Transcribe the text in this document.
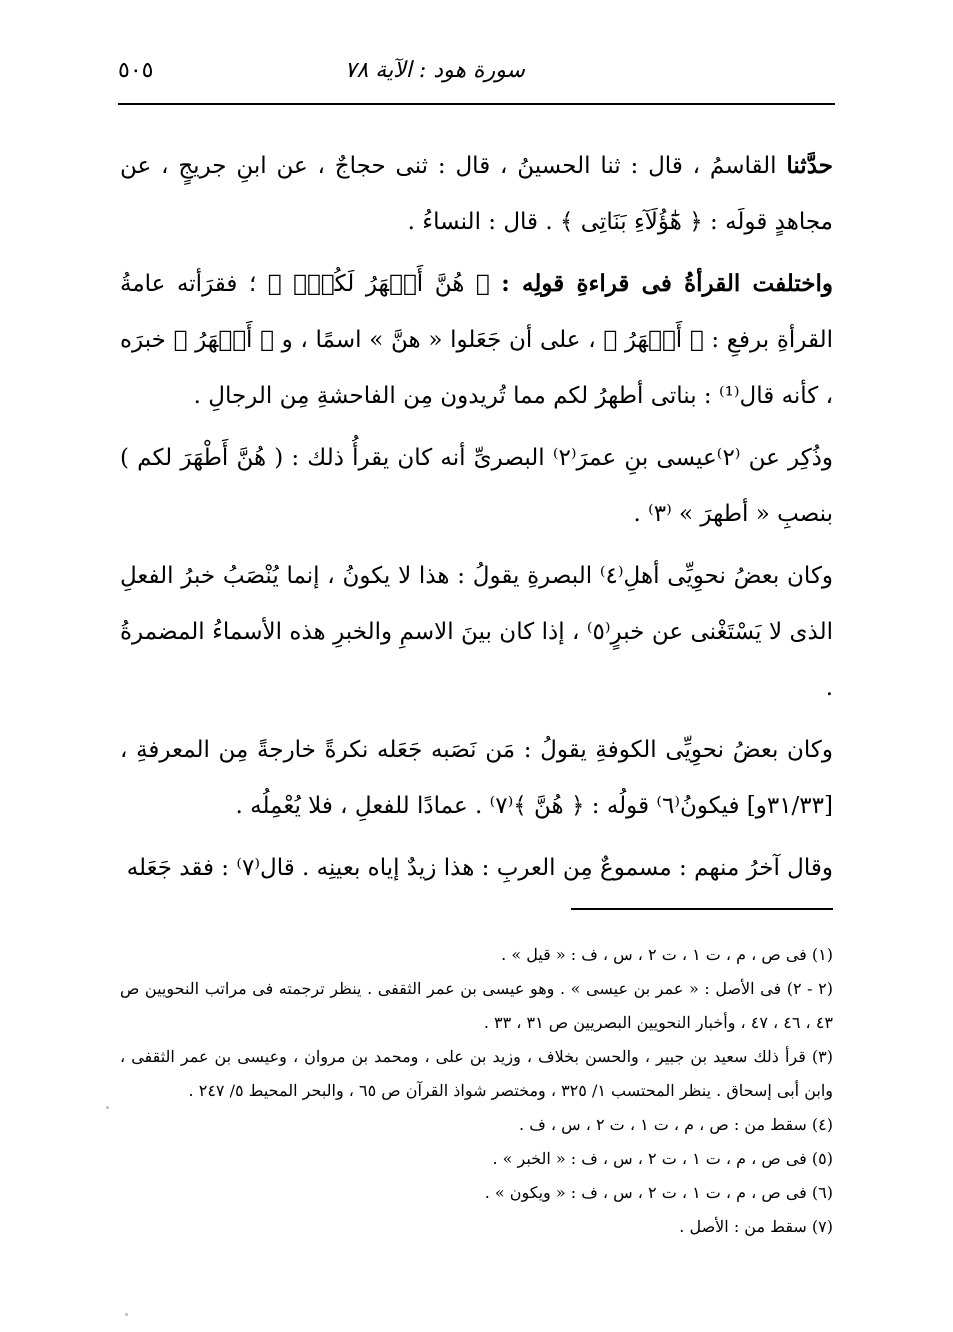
سورة هود : الآية ٧٨
٥٠٥

حدَّثنا القاسمُ ، قال : ثنا الحسينُ ، قال : ثنى حجاجٌ ، عن ابنِ جريجٍ ، عن مجاهدٍ قولَه : ﴿ هَٰٓؤُلَآءِ بَنَاتِى ﴾ . قال : النساءُ .

واختلفت القرأةُ فى قراءةِ قولِه : ﴿ هُنَّ أَطۡهَرُ لَكُمۡۖ ﴾ ؛ فقرَأته عامةُ القرأةِ برفعِ : ﴿ أَطۡهَرُ ﴾ ، على أن جَعَلوا « هنَّ » اسمًا ، و ﴿ أَطۡهَرُ ﴾ خبرَه ، كأنه قال⁽¹⁾ : بناتى أطهرُ لكم مما تُريدون مِن الفاحشةِ مِن الرجالِ .

وذُكِر عن ⁽٢⁾عيسى بنِ عمرَ⁽٢⁾ البصرىِّ أنه كان يقرأُ ذلك : ( هُنَّ أَطْهَرَ لكم ) بنصبِ « أطهرَ » ⁽٣⁾ .

وكان بعضُ نحوِيِّى أهلِ⁽٤⁾ البصرةِ يقولُ : هذا لا يكونُ ، إنما يُنْصَبُ خبرُ الفعلِ الذى لا يَسْتَغْنى عن خبرٍ⁽٥⁾ ، إذا كان بينَ الاسمِ والخبرِ هذه الأسماءُ المضمرةُ .

وكان بعضُ نحوِيِّى الكوفةِ يقولُ : مَن نَصَبه جَعَله نكرةً خارجةً مِن المعرفةِ ، [٣١/٣٣و] فيكونُ⁽٦⁾ قولُه : ﴿ هُنَّ ﴾⁽٧⁾ . عمادًا للفعلِ ، فلا يُعْمِلُه .

وقال آخرُ منهم : مسموعٌ مِن العربِ : هذا زيدٌ إياه بعينِه . قال⁽٧⁾ : فقد جَعَله

(١) فى ص ، م ، ت ١ ، ت ٢ ، س ، ف : « قيل » .

(٢ - ٢) فى الأصل : « عمر بن عيسى » . وهو عيسى بن عمر الثقفى . ينظر ترجمته فى مراتب النحويين ص ٤٣ ، ٤٦ ، ٤٧ ، وأخبار النحويين البصريين ص ٣١ ، ٣٣ .

(٣) قرأ ذلك سعيد بن جبير ، والحسن بخلاف ، وزيد بن على ، ومحمد بن مروان ، وعيسى بن عمر الثقفى ، وابن أبى إسحاق . ينظر المحتسب ١/ ٣٢٥ ، ومختصر شواذ القرآن ص ٦٥ ، والبحر المحيط ٥/ ٢٤٧ .

(٤) سقط من : ص ، م ، ت ١ ، ت ٢ ، س ، ف .

(٥) فى ص ، م ، ت ١ ، ت ٢ ، س ، ف : « الخبر » .

(٦) فى ص ، م ، ت ١ ، ت ٢ ، س ، ف : « ويكون » .

(٧) سقط من : الأصل .
